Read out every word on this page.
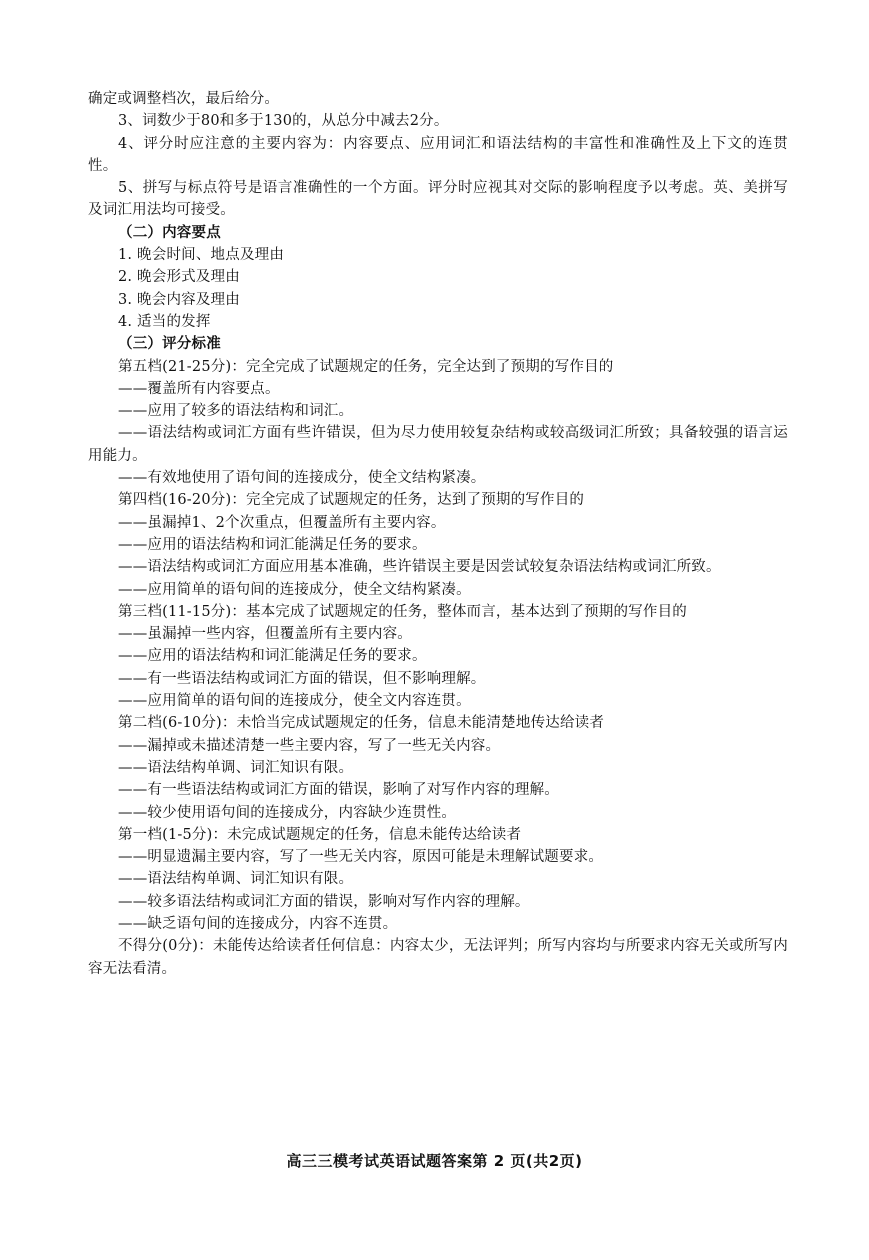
确定或调整档次，最后给分。

3、词数少于80和多于130的，从总分中减去2分。

4、评分时应注意的主要内容为：内容要点、应用词汇和语法结构的丰富性和准确性及上下文的连贯性。

5、拼写与标点符号是语言准确性的一个方面。评分时应视其对交际的影响程度予以考虑。英、美拼写及词汇用法均可接受。

（二）内容要点

1. 晚会时间、地点及理由

2. 晚会形式及理由

3. 晚会内容及理由

4. 适当的发挥

（三）评分标准

第五档(21-25分)：完全完成了试题规定的任务，完全达到了预期的写作目的

——覆盖所有内容要点。

——应用了较多的语法结构和词汇。

——语法结构或词汇方面有些许错误，但为尽力使用较复杂结构或较高级词汇所致；具备较强的语言运用能力。

——有效地使用了语句间的连接成分，使全文结构紧凑。

第四档(16-20分)：完全完成了试题规定的任务，达到了预期的写作目的

——虽漏掉1、2个次重点，但覆盖所有主要内容。

——应用的语法结构和词汇能满足任务的要求。

——语法结构或词汇方面应用基本准确，些许错误主要是因尝试较复杂语法结构或词汇所致。

——应用简单的语句间的连接成分，使全文结构紧凑。

第三档(11-15分)：基本完成了试题规定的任务，整体而言，基本达到了预期的写作目的

——虽漏掉一些内容，但覆盖所有主要内容。

——应用的语法结构和词汇能满足任务的要求。

——有一些语法结构或词汇方面的错误，但不影响理解。

——应用简单的语句间的连接成分，使全文内容连贯。

第二档(6-10分)：未恰当完成试题规定的任务，信息未能清楚地传达给读者

——漏掉或未描述清楚一些主要内容，写了一些无关内容。

——语法结构单调、词汇知识有限。

——有一些语法结构或词汇方面的错误，影响了对写作内容的理解。

——较少使用语句间的连接成分，内容缺少连贯性。

第一档(1-5分)：未完成试题规定的任务，信息未能传达给读者

——明显遗漏主要内容，写了一些无关内容，原因可能是未理解试题要求。

——语法结构单调、词汇知识有限。

——较多语法结构或词汇方面的错误，影响对写作内容的理解。

——缺乏语句间的连接成分，内容不连贯。

不得分(0分)：未能传达给读者任何信息：内容太少，无法评判；所写内容均与所要求内容无关或所写内容无法看清。

高三三模考试英语试题答案第 2 页(共2页)
